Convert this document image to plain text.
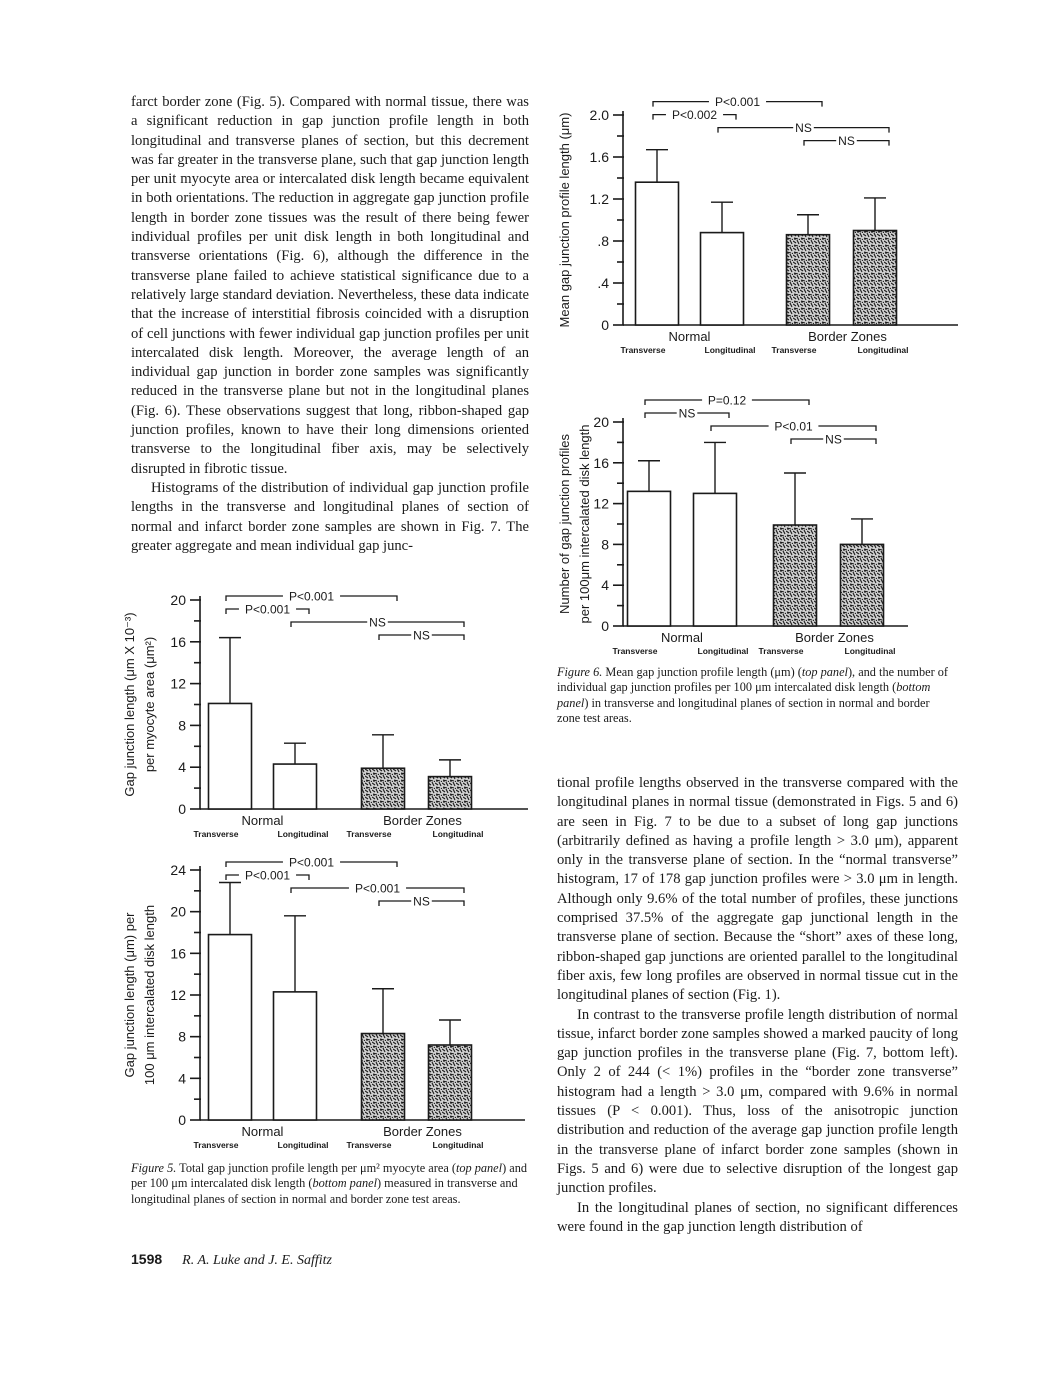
farct border zone (Fig. 5). Compared with normal tissue, there was a significant reduction in gap junction profile length in both longitudinal and transverse planes of section, but this decrement was far greater in the transverse plane, such that gap junction length per unit myocyte area or intercalated disk length became equivalent in both orientations. The reduction in aggregate gap junction profile length in border zone tissues was the result of there being fewer individual profiles per unit disk length in both longitudinal and transverse orientations (Fig. 6), although the difference in the transverse plane failed to achieve statistical significance due to a relatively large standard deviation. Nevertheless, these data indicate that the increase of interstitial fibrosis coincided with a disruption of cell junctions with fewer individual gap junction profiles per unit intercalated disk length. Moreover, the average length of an individual gap junction in border zone samples was significantly reduced in the transverse plane but not in the longitudinal planes (Fig. 6). These observations suggest that long, ribbon-shaped gap junction profiles, known to have their long dimensions oriented transverse to the longitudinal fiber axis, may be selectively disrupted in fibrotic tissue.

Histograms of the distribution of individual gap junction profile lengths in the transverse and longitudinal planes of section of normal and infarct border zone samples are shown in Fig. 7. The greater aggregate and mean individual gap junc-

0
4
8
12
16
20
Gap junction length (μm X 10⁻³) per myocyte area (μm²)
Normal	Border Zones
Transverse	Longitudinal Transverse	Longitudinal
P<0.001
P<0.001
NS
NS
0
4
8
12
16
20
24
Gap junction length (μm) per 100 μm intercalated disk length
Normal	Border Zones
Transverse	Longitudinal Transverse	Longitudinal
P<0.001
P<0.001
P<0.001
NS
Figure 5. Total gap junction profile length per μm² myocyte area (top panel) and per 100 μm intercalated disk length (bottom panel) measured in transverse and longitudinal planes of section in normal and border zone test areas.
0
.4
.8
1.2
1.6
2.0
Mean gap junction profile length (μm)
Normal	Border Zones
Transverse	Longitudinal Transverse	Longitudinal
P<0.001
P<0.002
NS
NS
0
4
8
12
16
20
Number of gap junction profiles per 100μm intercalated disk length
Normal	Border Zones
Transverse	Longitudinal Transverse	Longitudinal
P=0.12
NS
P<0.01
NS
Figure 6. Mean gap junction profile length (μm) (top panel), and the number of individual gap junction profiles per 100 μm intercalated disk length (bottom panel) in transverse and longitudinal planes of section in normal and border zone test areas.

tional profile lengths observed in the transverse compared with the longitudinal planes in normal tissue (demonstrated in Figs. 5 and 6) are seen in Fig. 7 to be due to a subset of long gap junctions (arbitrarily defined as having a profile length > 3.0 μm), apparent only in the transverse plane of section. In the “normal transverse” histogram, 17 of 178 gap junction profiles were > 3.0 μm in length. Although only 9.6% of the total number of profiles, these junctions comprised 37.5% of the aggregate gap junctional length in the transverse plane of section. Because the “short” axes of these long, ribbon-shaped gap junctions are oriented parallel to the longitudinal fiber axis, few long profiles are observed in normal tissue cut in the longitudinal planes of section (Fig. 1).

In contrast to the transverse profile length distribution of normal tissue, infarct border zone samples showed a marked paucity of long gap junction profiles in the transverse plane (Fig. 7, bottom left). Only 2 of 244 (< 1%) profiles in the “border zone transverse” histogram had a length > 3.0 μm, compared with 9.6% in normal tissues (P < 0.001). Thus, loss of the anisotropic junction distribution and reduction of the average gap junction profile length in the transverse plane of infarct border zone samples (shown in Figs. 5 and 6) were due to selective disruption of the longest gap junction profiles.

In the longitudinal planes of section, no significant differences were found in the gap junction length distribution of

1598 R. A. Luke and J. E. Saffitz
